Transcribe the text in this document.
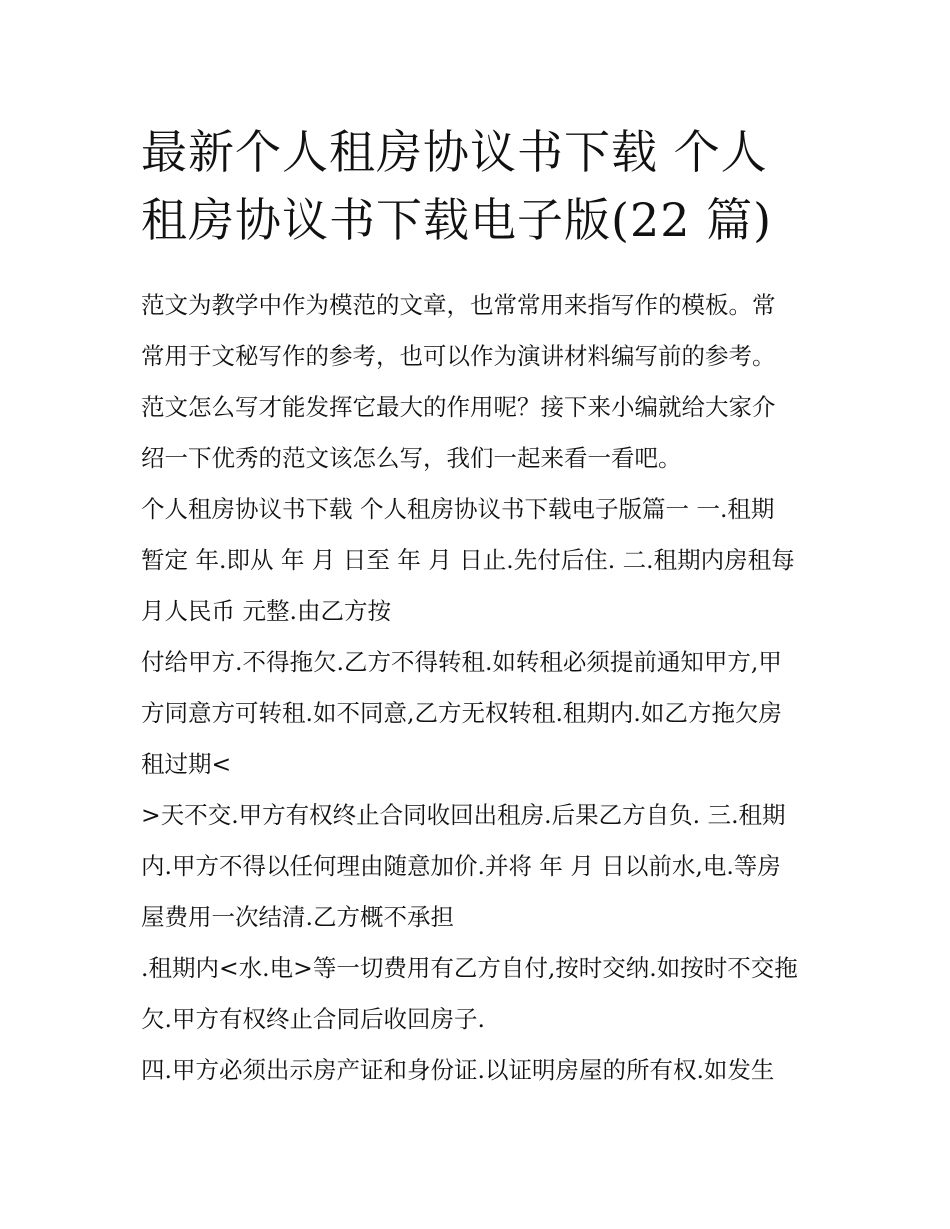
最新个人租房协议书下载 个人
租房协议书下载电子版(22 篇)
范文为教学中作为模范的文章，也常常用来指写作的模板。常
常用于文秘写作的参考，也可以作为演讲材料编写前的参考。
范文怎么写才能发挥它最大的作用呢？接下来小编就给大家介
绍一下优秀的范文该怎么写，我们一起来看一看吧。
个人租房协议书下载 个人租房协议书下载电子版篇一 一.租期
暂定 年.即从 年 月 日至 年 月 日止.先付后住. 二.租期内房租每
月人民币 元整.由乙方按
付给甲方.不得拖欠.乙方不得转租.如转租必须提前通知甲方,甲
方同意方可转租.如不同意,乙方无权转租.租期内.如乙方拖欠房
租过期<
>天不交.甲方有权终止合同收回出租房.后果乙方自负. 三.租期
内.甲方不得以任何理由随意加价.并将 年 月 日以前水,电.等房
屋费用一次结清.乙方概不承担
.租期内<水.电>等一切费用有乙方自付,按时交纳.如按时不交拖
欠.甲方有权终止合同后收回房子.
四.甲方必须出示房产证和身份证.以证明房屋的所有权.如发生
